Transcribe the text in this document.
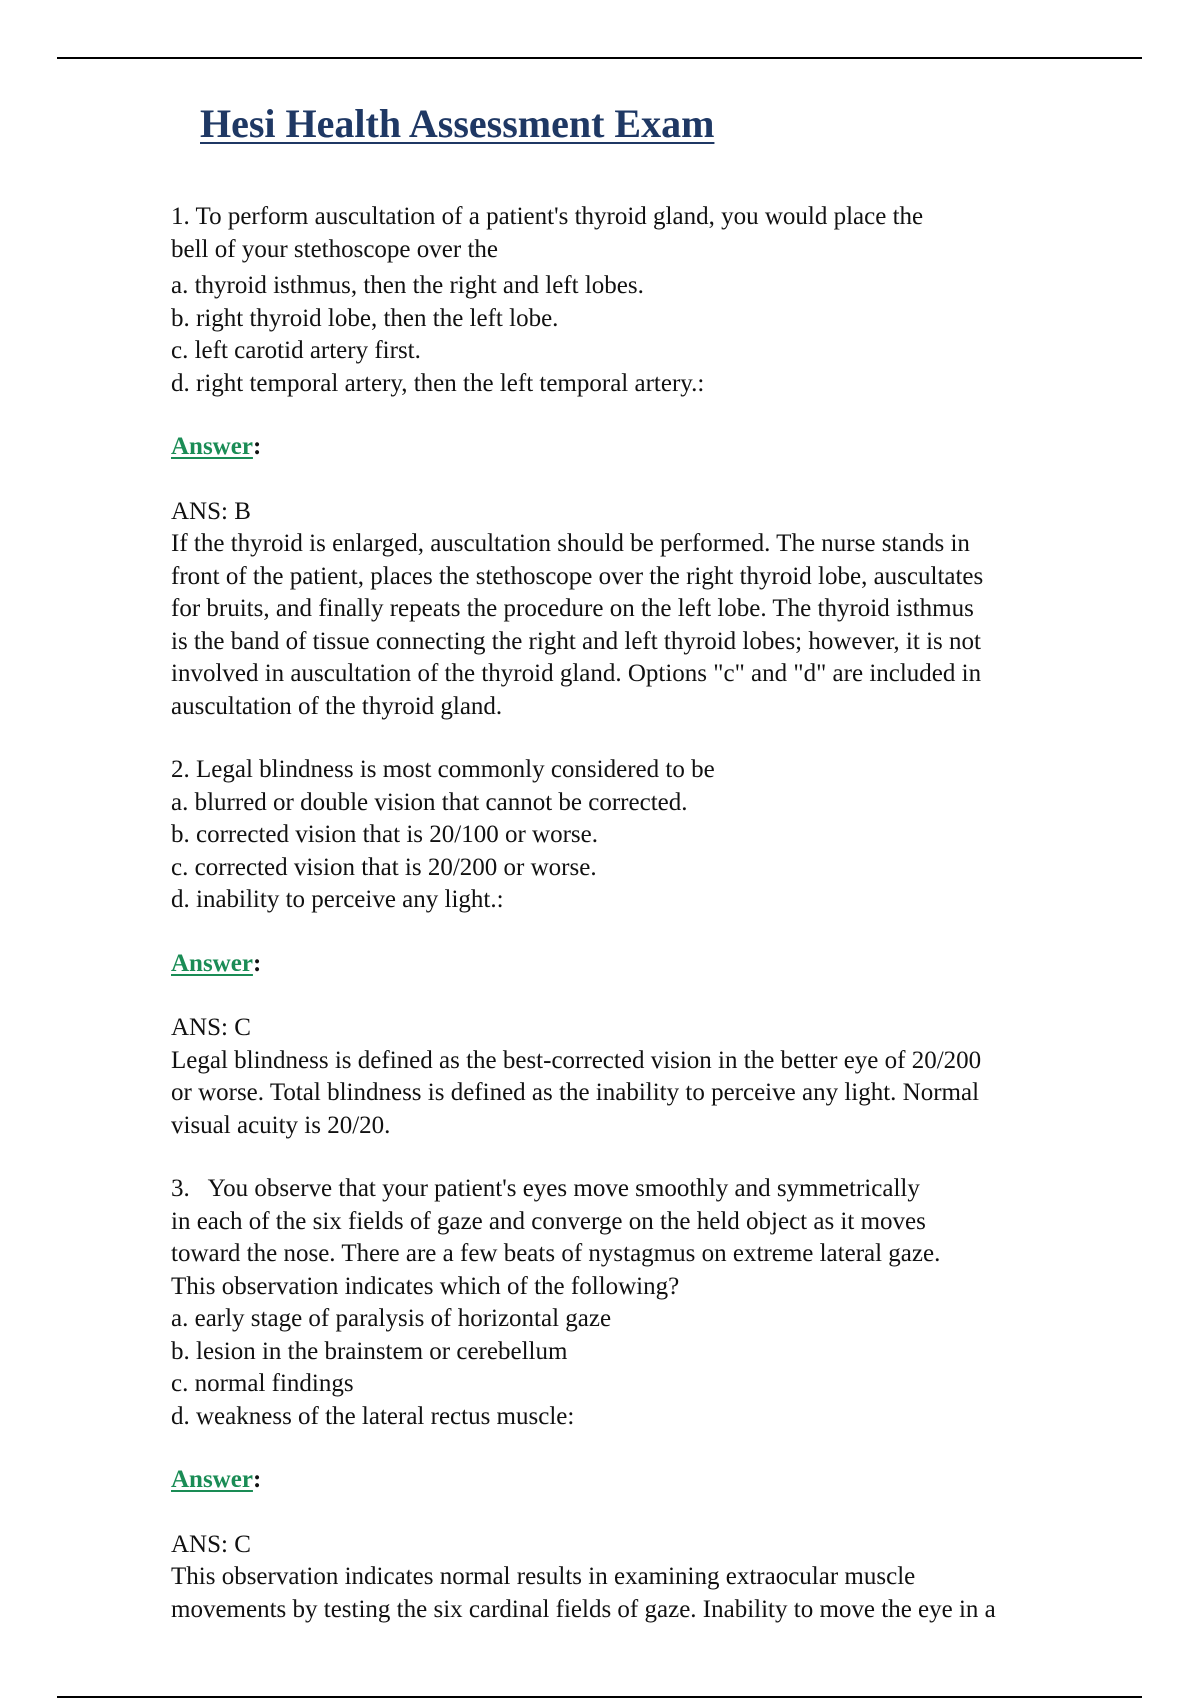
Hesi Health Assessment Exam
1. To perform auscultation of a patient's thyroid gland, you would place the
bell of your stethoscope over the
a. thyroid isthmus, then the right and left lobes.
b. right thyroid lobe, then the left lobe.
c. left carotid artery first.
d. right temporal artery, then the left temporal artery.:
Answer:
ANS: B
If the thyroid is enlarged, auscultation should be performed. The nurse stands in
front of the patient, places the stethoscope over the right thyroid lobe, auscultates
for bruits, and finally repeats the procedure on the left lobe. The thyroid isthmus
is the band of tissue connecting the right and left thyroid lobes; however, it is not
involved in auscultation of the thyroid gland. Options "c" and "d" are included in
auscultation of the thyroid gland.
2. Legal blindness is most commonly considered to be
a. blurred or double vision that cannot be corrected.
b. corrected vision that is 20/100 or worse.
c. corrected vision that is 20/200 or worse.
d. inability to perceive any light.:
Answer:
ANS: C
Legal blindness is defined as the best-corrected vision in the better eye of 20/200
or worse. Total blindness is defined as the inability to perceive any light. Normal
visual acuity is 20/20.
3.   You observe that your patient's eyes move smoothly and symmetrically
in each of the six fields of gaze and converge on the held object as it moves
toward the nose. There are a few beats of nystagmus on extreme lateral gaze.
This observation indicates which of the following?
a. early stage of paralysis of horizontal gaze
b. lesion in the brainstem or cerebellum
c. normal findings
d. weakness of the lateral rectus muscle:
Answer:
ANS: C
This observation indicates normal results in examining extraocular muscle
movements by testing the six cardinal fields of gaze. Inability to move the eye in a
